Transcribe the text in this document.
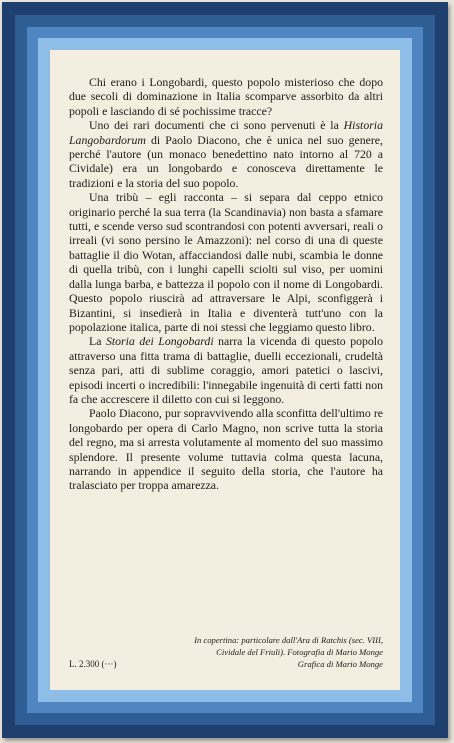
Chi erano i Longobardi, questo popolo misterioso che dopo due secoli di dominazione in Italia scomparve assorbito da altri popoli e lasciando di sé pochissime tracce?

Uno dei rari documenti che ci sono pervenuti è la Historia Langobardorum di Paolo Diacono, che è unica nel suo genere, perché l'autore (un monaco benedettino nato intorno al 720 a Cividale) era un longobardo e conosceva direttamente le tradizioni e la storia del suo popolo.

Una tribù – egli racconta – si separa dal ceppo etnico originario perché la sua terra (la Scandinavia) non basta a sfamare tutti, e scende verso sud scontrandosi con potenti avversari, reali o irreali (vi sono persino le Amazzoni): nel corso di una di queste battaglie il dio Wotan, affacciandosi dalle nubi, scambia le donne di quella tribù, con i lunghi capelli sciolti sul viso, per uomini dalla lunga barba, e battezza il popolo con il nome di Longobardi. Questo popolo riuscirà ad attraversare le Alpi, sconfiggerà i Bizantini, si insedierà in Italia e diventerà tutt'uno con la popolazione italica, parte di noi stessi che leggiamo questo libro.

La Storia dei Longobardi narra la vicenda di questo popolo attraverso una fitta trama di battaglie, duelli eccezionali, crudeltà senza pari, atti di sublime coraggio, amori patetici o lascivi, episodi incerti o incredibili: l'innegabile ingenuità di certi fatti non fa che accrescere il diletto con cui si leggono.

Paolo Diacono, pur sopravvivendo alla sconfitta dell'ultimo re longobardo per opera di Carlo Magno, non scrive tutta la storia del regno, ma si arresta volutamente al momento del suo massimo splendore. Il presente volume tuttavia colma questa lacuna, narrando in appendice il seguito della storia, che l'autore ha tralasciato per troppa amarezza.

In copertina: particolare dall'Ara di Ratchis (sec. VIII,
Cividale del Friuli). Fotografia di Mario Monge
L. 2.300 (···)	Grafica di Mario Monge
